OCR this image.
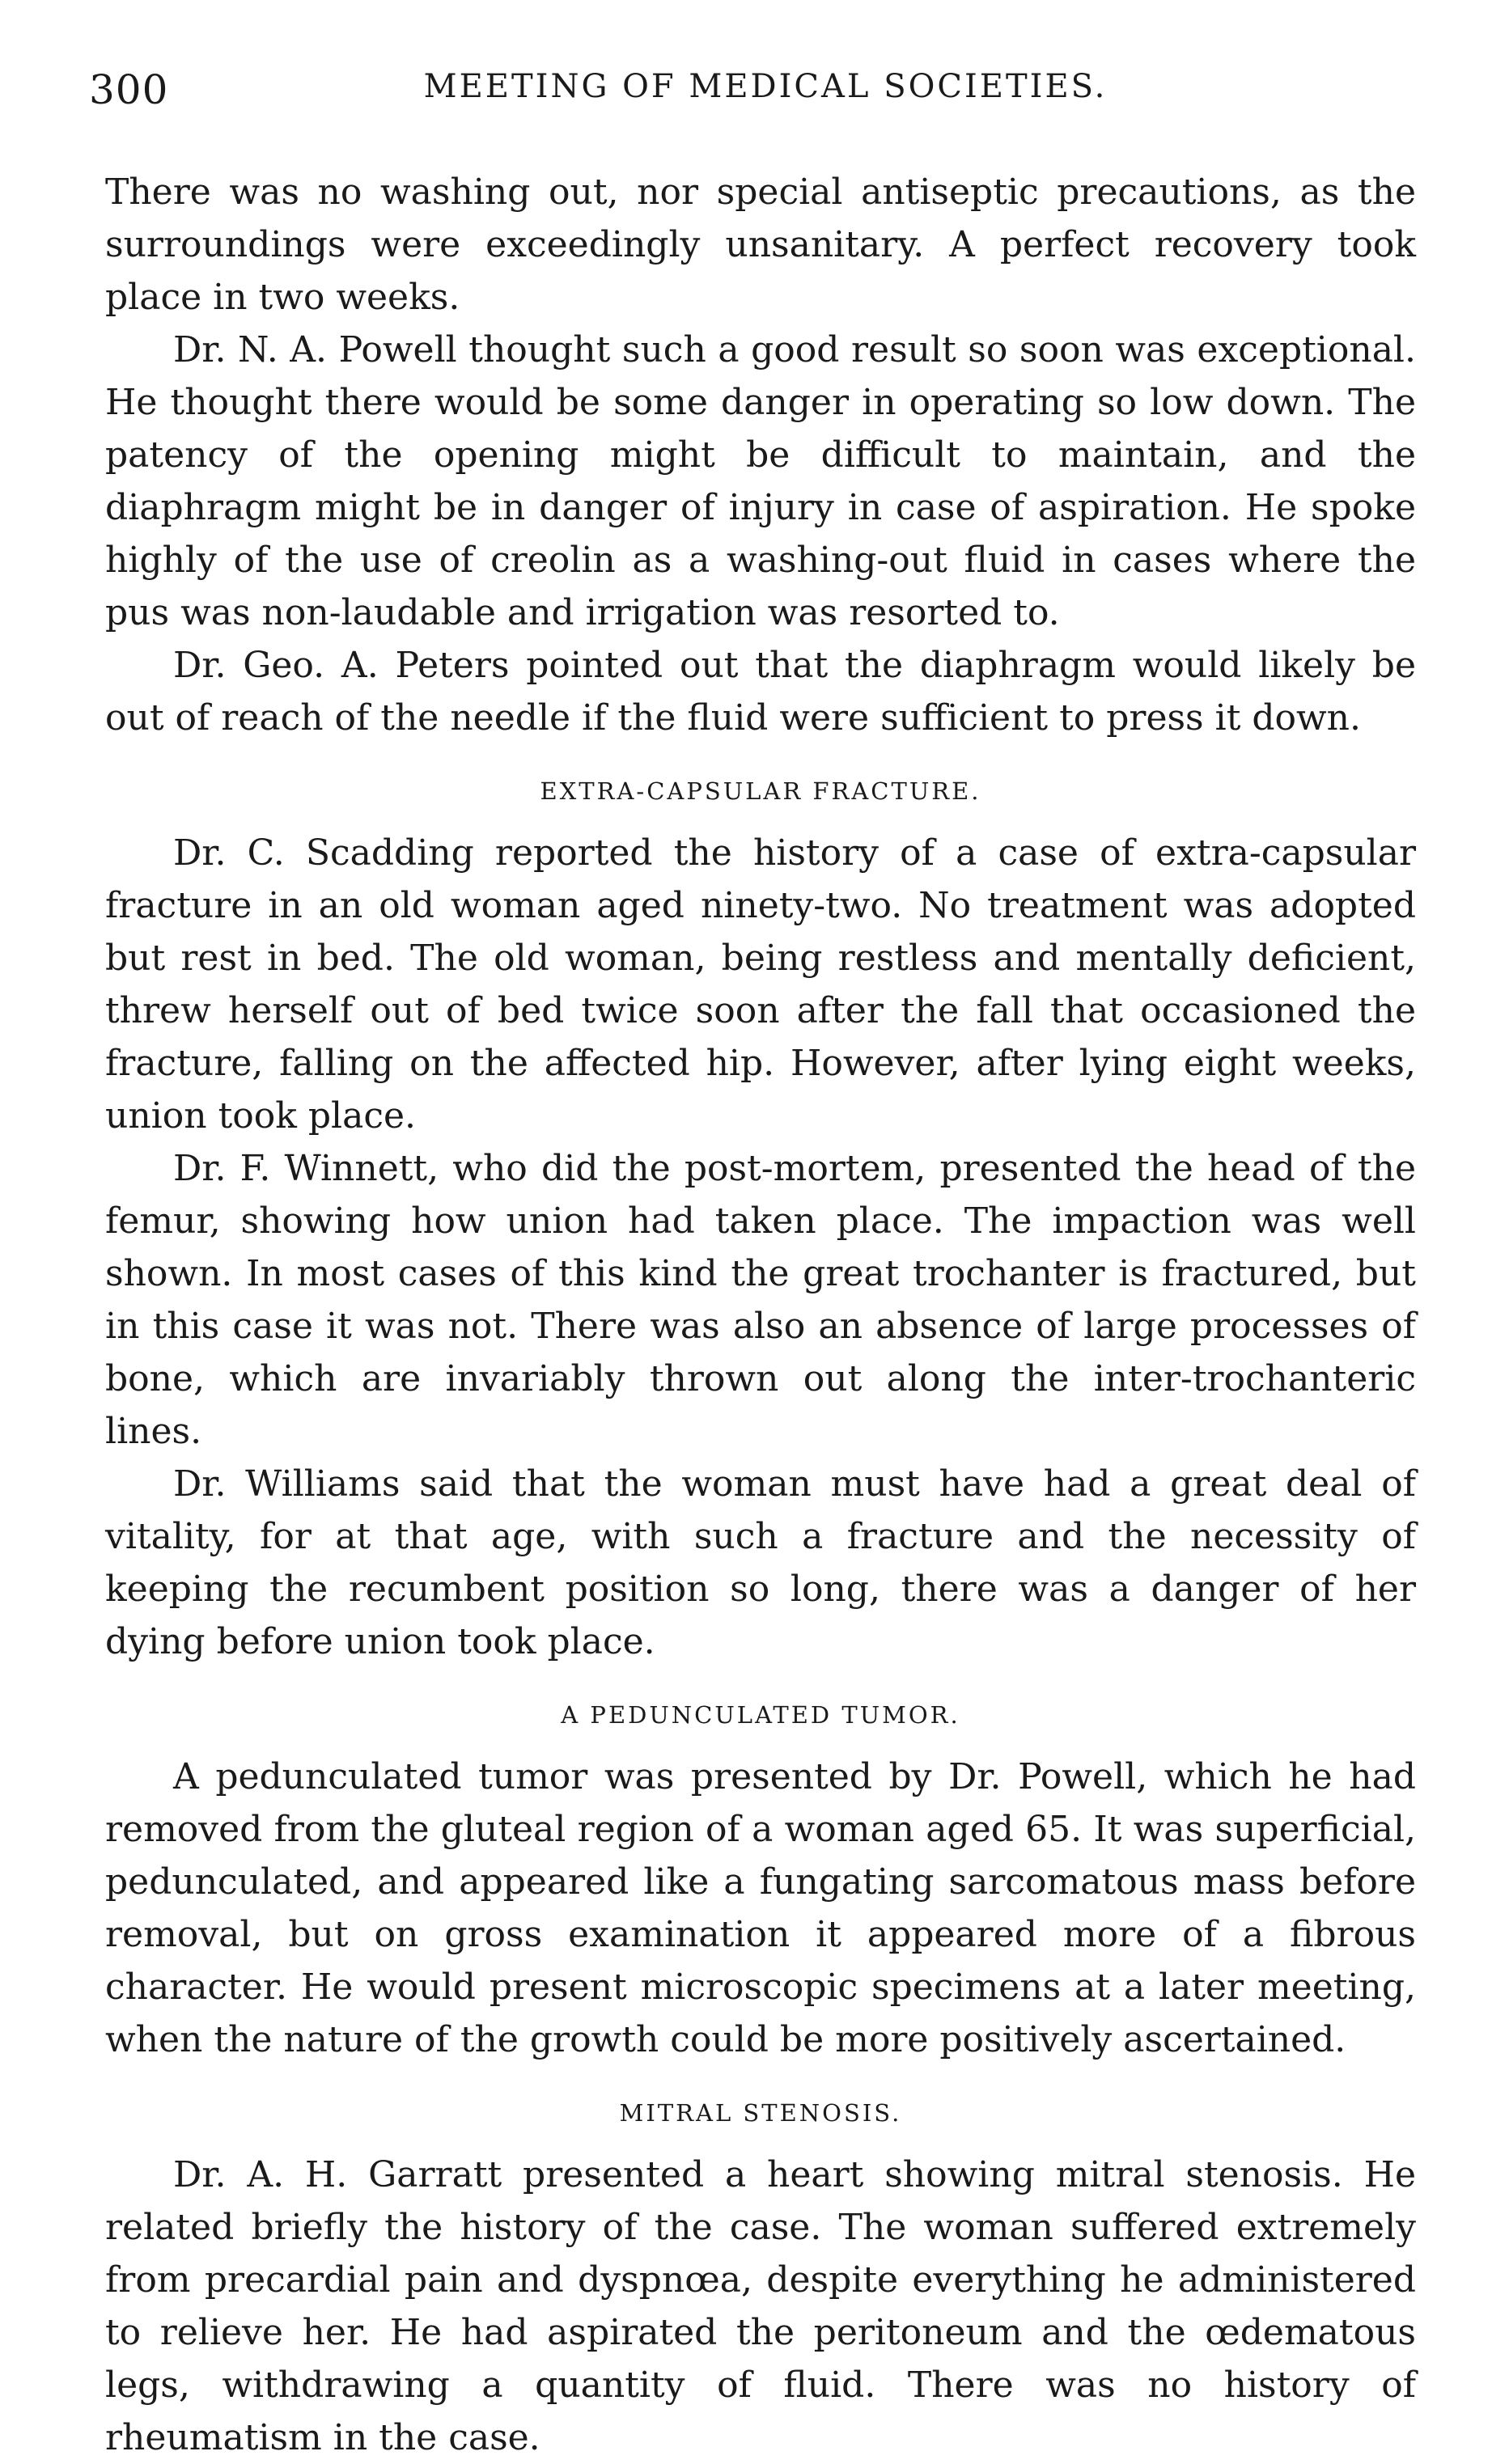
300	MEETING OF MEDICAL SOCIETIES.

There was no washing out, nor special antiseptic precautions, as the surroundings were exceedingly unsanitary. A perfect recovery took place in two weeks.

Dr. N. A. Powell thought such a good result so soon was exceptional. He thought there would be some danger in operating so low down. The patency of the opening might be difficult to maintain, and the diaphragm might be in danger of injury in case of aspiration. He spoke highly of the use of creolin as a washing-out fluid in cases where the pus was non-laudable and irrigation was resorted to.

Dr. Geo. A. Peters pointed out that the diaphragm would likely be out of reach of the needle if the fluid were sufficient to press it down.

EXTRA-CAPSULAR FRACTURE.

Dr. C. Scadding reported the history of a case of extra-capsular fracture in an old woman aged ninety-two. No treatment was adopted but rest in bed. The old woman, being restless and mentally deficient, threw herself out of bed twice soon after the fall that occasioned the fracture, falling on the affected hip. However, after lying eight weeks, union took place.

Dr. F. Winnett, who did the post-mortem, presented the head of the femur, showing how union had taken place. The impaction was well shown. In most cases of this kind the great trochanter is fractured, but in this case it was not. There was also an absence of large processes of bone, which are invariably thrown out along the inter-trochanteric lines.

Dr. Williams said that the woman must have had a great deal of vitality, for at that age, with such a fracture and the necessity of keeping the recumbent position so long, there was a danger of her dying before union took place.

A PEDUNCULATED TUMOR.

A pedunculated tumor was presented by Dr. Powell, which he had removed from the gluteal region of a woman aged 65. It was superficial, pedunculated, and appeared like a fungating sarcomatous mass before removal, but on gross examination it appeared more of a fibrous character. He would present microscopic specimens at a later meeting, when the nature of the growth could be more positively ascertained.

MITRAL STENOSIS.

Dr. A. H. Garratt presented a heart showing mitral stenosis. He related briefly the history of the case. The woman suffered extremely from precardial pain and dyspnœa, despite everything he administered to relieve her. He had aspirated the peritoneum and the œdematous legs, withdrawing a quantity of fluid. There was no history of rheumatism in the case.
